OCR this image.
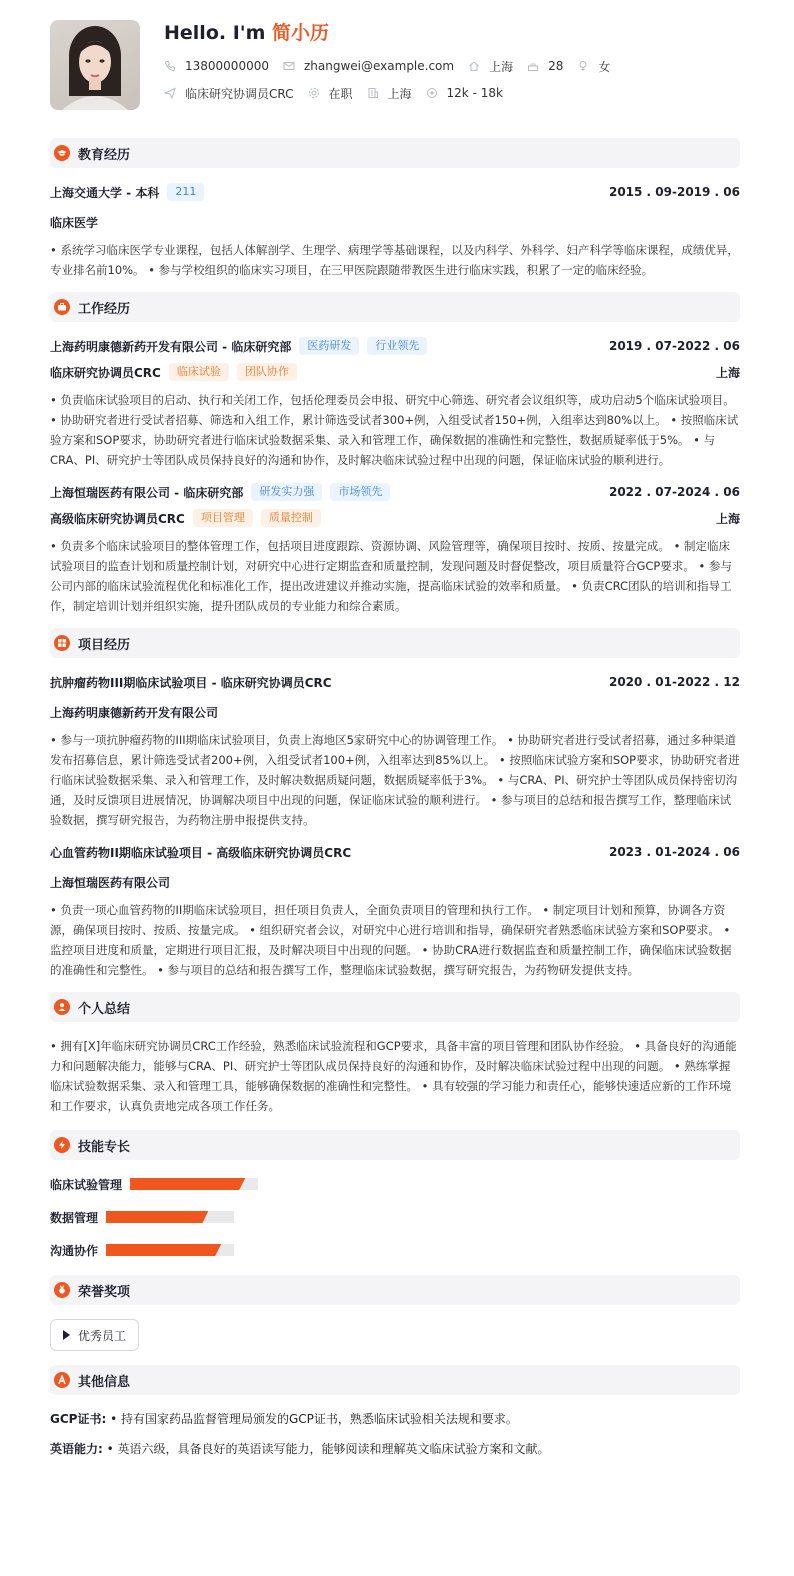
Hello. I'm 简小历
13800000000	zhangwei@example.com	上海	28	女
临床研究协调员CRC	在职	上海	12k - 18k
教育经历
上海交通大学 - 本科	211	2015 . 09-2019 . 06
临床医学
• 系统学习临床医学专业课程，包括人体解剖学、生理学、病理学等基础课程，以及内科学、外科学、妇产科学等临床课程，成绩优异，专业排名前10%。 • 参与学校组织的临床实习项目，在三甲医院跟随带教医生进行临床实践，积累了一定的临床经验。
工作经历
上海药明康德新药开发有限公司 - 临床研究部	医药研发	行业领先	2019 . 07-2022 . 06
临床研究协调员CRC	临床试验	团队协作	上海
• 负责临床试验项目的启动、执行和关闭工作，包括伦理委员会申报、研究中心筛选、研究者会议组织等，成功启动5个临床试验项目。 • 协助研究者进行受试者招募、筛选和入组工作，累计筛选受试者300+例，入组受试者150+例，入组率达到80%以上。 • 按照临床试验方案和SOP要求，协助研究者进行临床试验数据采集、录入和管理工作，确保数据的准确性和完整性，数据质疑率低于5%。 • 与CRA、PI、研究护士等团队成员保持良好的沟通和协作，及时解决临床试验过程中出现的问题，保证临床试验的顺利进行。
上海恒瑞医药有限公司 - 临床研究部	研发实力强	市场领先	2022 . 07-2024 . 06
高级临床研究协调员CRC	项目管理	质量控制	上海
• 负责多个临床试验项目的整体管理工作，包括项目进度跟踪、资源协调、风险管理等，确保项目按时、按质、按量完成。 • 制定临床试验项目的监查计划和质量控制计划，对研究中心进行定期监查和质量控制，发现问题及时督促整改，项目质量符合GCP要求。 • 参与公司内部的临床试验流程优化和标准化工作，提出改进建议并推动实施，提高临床试验的效率和质量。 • 负责CRC团队的培训和指导工作，制定培训计划并组织实施，提升团队成员的专业能力和综合素质。
项目经历
抗肿瘤药物III期临床试验项目 - 临床研究协调员CRC	2020 . 01-2022 . 12
上海药明康德新药开发有限公司
• 参与一项抗肿瘤药物的III期临床试验项目，负责上海地区5家研究中心的协调管理工作。 • 协助研究者进行受试者招募，通过多种渠道发布招募信息，累计筛选受试者200+例，入组受试者100+例，入组率达到85%以上。 • 按照临床试验方案和SOP要求，协助研究者进行临床试验数据采集、录入和管理工作，及时解决数据质疑问题，数据质疑率低于3%。 • 与CRA、PI、研究护士等团队成员保持密切沟通，及时反馈项目进展情况，协调解决项目中出现的问题，保证临床试验的顺利进行。 • 参与项目的总结和报告撰写工作，整理临床试验数据，撰写研究报告，为药物注册申报提供支持。
心血管药物II期临床试验项目 - 高级临床研究协调员CRC	2023 . 01-2024 . 06
上海恒瑞医药有限公司
• 负责一项心血管药物的II期临床试验项目，担任项目负责人，全面负责项目的管理和执行工作。 • 制定项目计划和预算，协调各方资源，确保项目按时、按质、按量完成。 • 组织研究者会议，对研究中心进行培训和指导，确保研究者熟悉临床试验方案和SOP要求。 • 监控项目进度和质量，定期进行项目汇报，及时解决项目中出现的问题。 • 协助CRA进行数据监查和质量控制工作，确保临床试验数据的准确性和完整性。 • 参与项目的总结和报告撰写工作，整理临床试验数据，撰写研究报告，为药物研发提供支持。
个人总结
• 拥有[X]年临床研究协调员CRC工作经验，熟悉临床试验流程和GCP要求，具备丰富的项目管理和团队协作经验。 • 具备良好的沟通能力和问题解决能力，能够与CRA、PI、研究护士等团队成员保持良好的沟通和协作，及时解决临床试验过程中出现的问题。 • 熟练掌握临床试验数据采集、录入和管理工具，能够确保数据的准确性和完整性。 • 具有较强的学习能力和责任心，能够快速适应新的工作环境和工作要求，认真负责地完成各项工作任务。
技能专长
临床试验管理
数据管理
沟通协作
荣誉奖项
优秀员工
其他信息
GCP证书: • 持有国家药品监督管理局颁发的GCP证书，熟悉临床试验相关法规和要求。
英语能力: • 英语六级，具备良好的英语读写能力，能够阅读和理解英文临床试验方案和文献。
